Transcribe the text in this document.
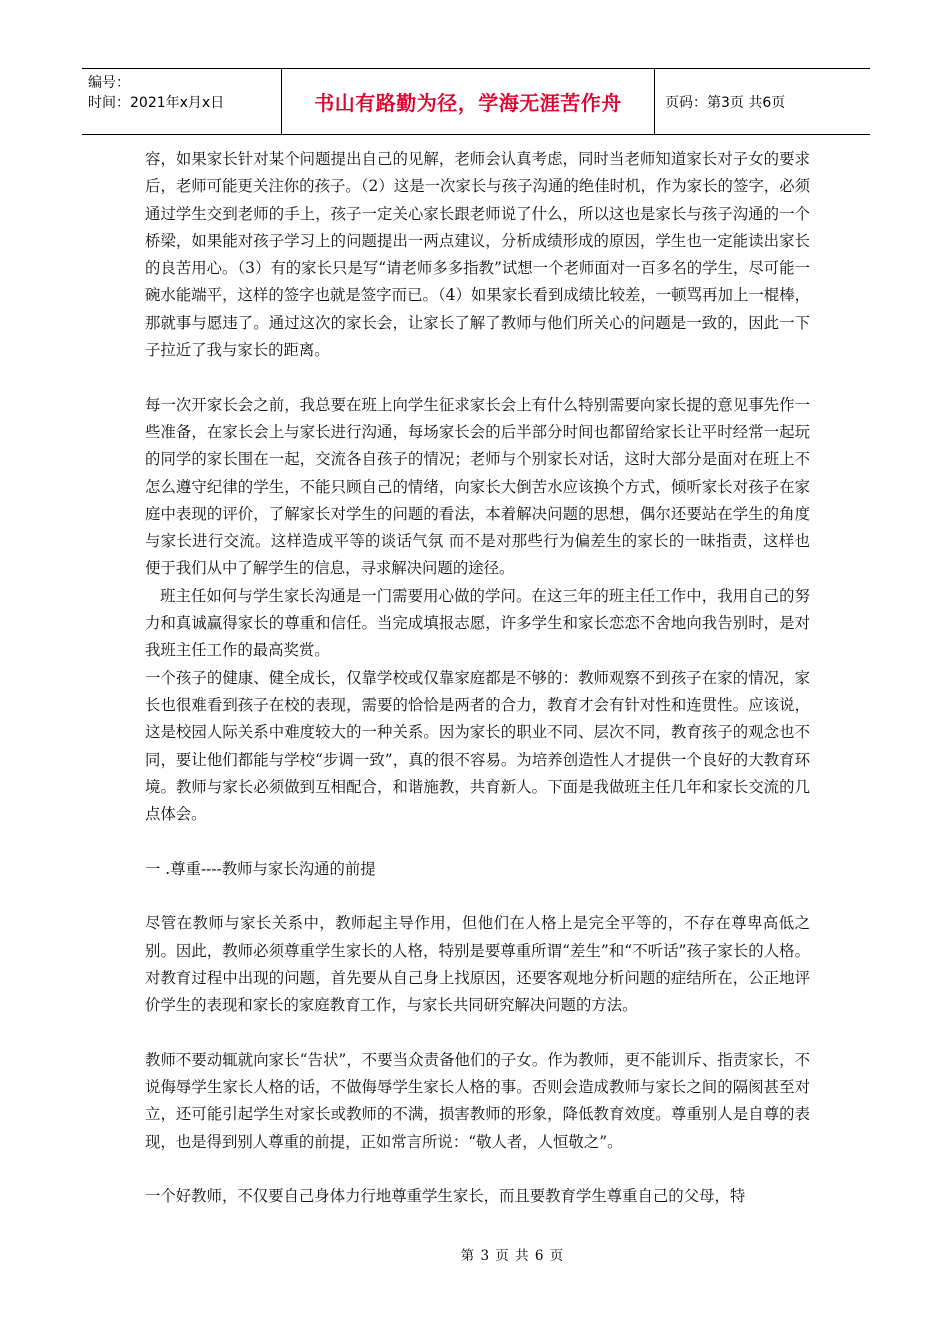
编号：
时间：2021年x月x日	书山有路勤为径，学海无涯苦作舟	页码：第3页 共6页

容，如果家长针对某个问题提出自己的见解，老师会认真考虑，同时当老师知道家长对子女的要求后，老师可能更关注你的孩子。（2）这是一次家长与孩子沟通的绝佳时机，作为家长的签字，必须通过学生交到老师的手上，孩子一定关心家长跟老师说了什么，所以这也是家长与孩子沟通的一个桥梁，如果能对孩子学习上的问题提出一两点建议，分析成绩形成的原因，学生也一定能读出家长的良苦用心。（3）有的家长只是写“请老师多多指教”试想一个老师面对一百多名的学生，尽可能一碗水能端平，这样的签字也就是签字而已。（4）如果家长看到成绩比较差，一顿骂再加上一棍棒，那就事与愿违了。通过这次的家长会，让家长了解了教师与他们所关心的问题是一致的，因此一下子拉近了我与家长的距离。

每一次开家长会之前，我总要在班上向学生征求家长会上有什么特别需要向家长提的意见事先作一些准备，在家长会上与家长进行沟通，每场家长会的后半部分时间也都留给家长让平时经常一起玩的同学的家长围在一起，交流各自孩子的情况；老师与个别家长对话，这时大部分是面对在班上不怎么遵守纪律的学生，不能只顾自己的情绪，向家长大倒苦水应该换个方式，倾听家长对孩子在家庭中表现的评价，了解家长对学生的问题的看法，本着解决问题的思想，偶尔还要站在学生的角度与家长进行交流。这样造成平等的谈话气氛 而不是对那些行为偏差生的家长的一昧指责，这样也便于我们从中了解学生的信息，寻求解决问题的途径。

班主任如何与学生家长沟通是一门需要用心做的学问。在这三年的班主任工作中，我用自己的努力和真诚赢得家长的尊重和信任。当完成填报志愿，许多学生和家长恋恋不舍地向我告别时，是对我班主任工作的最高奖赏。

一个孩子的健康、健全成长，仅靠学校或仅靠家庭都是不够的：教师观察不到孩子在家的情况，家长也很难看到孩子在校的表现，需要的恰恰是两者的合力，教育才会有针对性和连贯性。应该说，这是校园人际关系中难度较大的一种关系。因为家长的职业不同、层次不同，教育孩子的观念也不同，要让他们都能与学校“步调一致”，真的很不容易。为培养创造性人才提供一个良好的大教育环境。教师与家长必须做到互相配合，和谐施教，共育新人。下面是我做班主任几年和家长交流的几点体会。

一 .尊重----教师与家长沟通的前提

尽管在教师与家长关系中，教师起主导作用，但他们在人格上是完全平等的，不存在尊卑高低之别。因此，教师必须尊重学生家长的人格，特别是要尊重所谓“差生”和“不听话”孩子家长的人格。对教育过程中出现的问题，首先要从自己身上找原因，还要客观地分析问题的症结所在，公正地评价学生的表现和家长的家庭教育工作，与家长共同研究解决问题的方法。

教师不要动辄就向家长“告状”，不要当众责备他们的子女。作为教师，更不能训斥、指责家长，不说侮辱学生家长人格的话，不做侮辱学生家长人格的事。否则会造成教师与家长之间的隔阂甚至对立，还可能引起学生对家长或教师的不满，损害教师的形象，降低教育效度。尊重别人是自尊的表现，也是得到别人尊重的前提，正如常言所说：“敬人者，人恒敬之”。

一个好教师，不仅要自己身体力行地尊重学生家长，而且要教育学生尊重自己的父母，特

第 3 页 共 6 页
